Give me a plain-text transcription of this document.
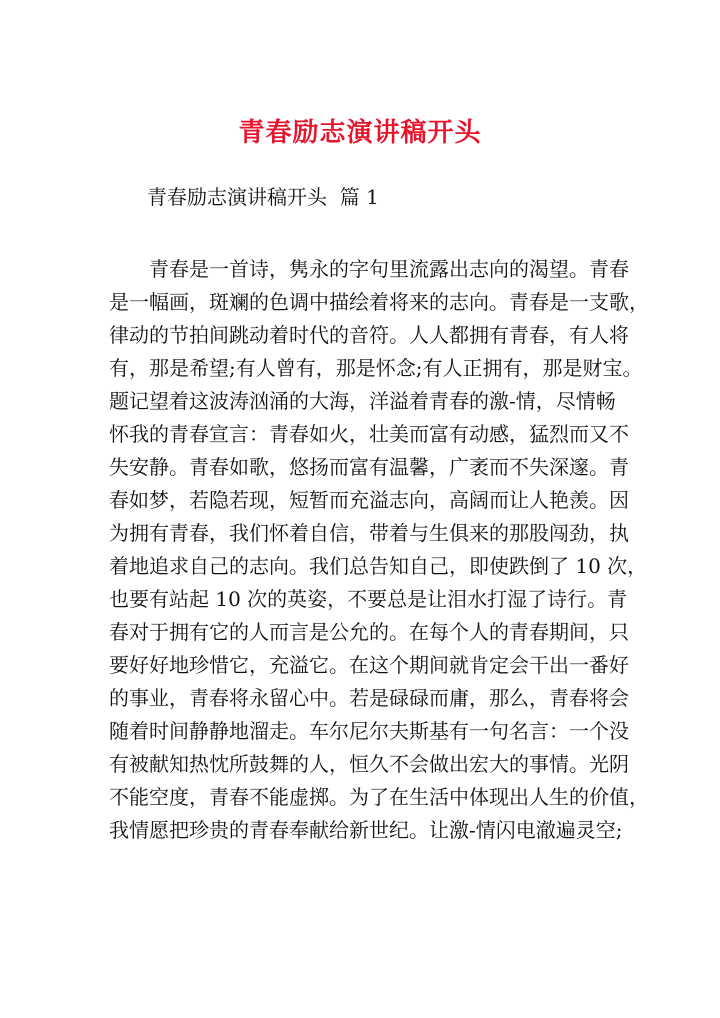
青春励志演讲稿开头
青春励志演讲稿开头  篇 1
　　青春是一首诗，隽永的字句里流露出志向的渴望。青春
是一幅画，斑斓的色调中描绘着将来的志向。青春是一支歌，
律动的节拍间跳动着时代的音符。人人都拥有青春，有人将
有，那是希望;有人曾有，那是怀念;有人正拥有，那是财宝。
题记望着这波涛汹涌的大海，洋溢着青春的激-情，尽情畅
怀我的青春宣言：青春如火，壮美而富有动感，猛烈而又不
失安静。青春如歌，悠扬而富有温馨，广袤而不失深邃。青
春如梦，若隐若现，短暂而充溢志向，高阔而让人艳羡。因
为拥有青春，我们怀着自信，带着与生俱来的那股闯劲，执
着地追求自己的志向。我们总告知自己，即使跌倒了 10 次，
也要有站起 10 次的英姿，不要总是让泪水打湿了诗行。青
春对于拥有它的人而言是公允的。在每个人的青春期间，只
要好好地珍惜它，充溢它。在这个期间就肯定会干出一番好
的事业，青春将永留心中。若是碌碌而庸，那么，青春将会
随着时间静静地溜走。车尔尼尔夫斯基有一句名言：一个没
有被献知热忱所鼓舞的人，恒久不会做出宏大的事情。光阴
不能空度，青春不能虚掷。为了在生活中体现出人生的价值，
我情愿把珍贵的青春奉献给新世纪。让激-情闪电澈遍灵空;
